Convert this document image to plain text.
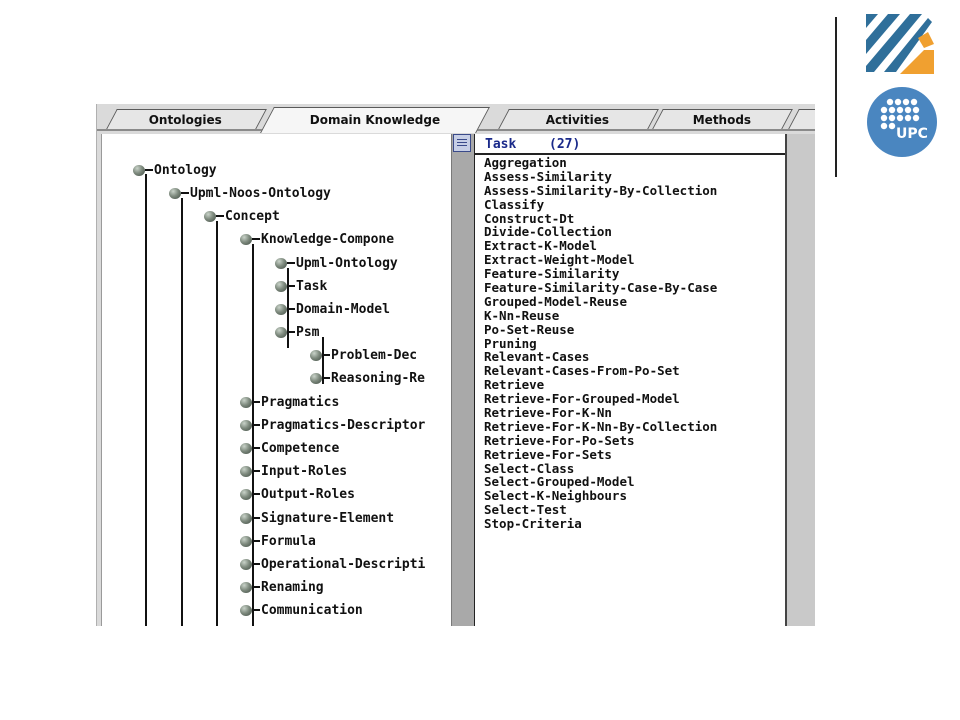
UPC
Ontologies	Domain Knowledge	Activities	Methods
Ontology
Upml-Noos-Ontology
Concept
Knowledge-Compone
Upml-Ontology
Task
Domain-Model
Psm
Problem-Dec
Reasoning-Re
Pragmatics
Pragmatics-Descriptor
Competence
Input-Roles
Output-Roles
Signature-Element
Formula
Operational-Descripti
Renaming
Communication
Task	(27)
Aggregation
Assess-Similarity
Assess-Similarity-By-Collection
Classify
Construct-Dt
Divide-Collection
Extract-K-Model
Extract-Weight-Model
Feature-Similarity
Feature-Similarity-Case-By-Case
Grouped-Model-Reuse
K-Nn-Reuse
Po-Set-Reuse
Pruning
Relevant-Cases
Relevant-Cases-From-Po-Set
Retrieve
Retrieve-For-Grouped-Model
Retrieve-For-K-Nn
Retrieve-For-K-Nn-By-Collection
Retrieve-For-Po-Sets
Retrieve-For-Sets
Select-Class
Select-Grouped-Model
Select-K-Neighbours
Select-Test
Stop-Criteria
